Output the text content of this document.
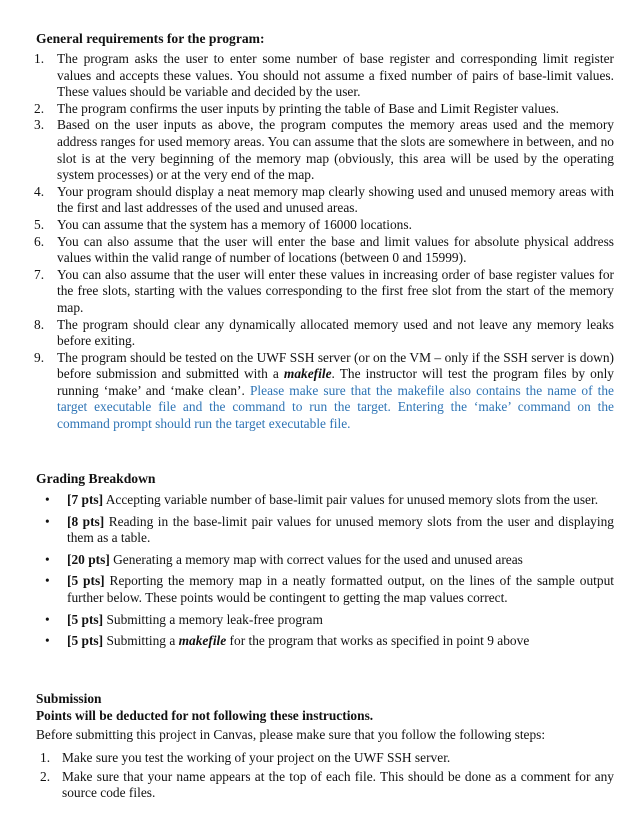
General requirements for the program:
1. The program asks the user to enter some number of base register and corresponding limit register values and accepts these values. You should not assume a fixed number of pairs of base-limit values. These values should be variable and decided by the user.
2. The program confirms the user inputs by printing the table of Base and Limit Register values.
3. Based on the user inputs as above, the program computes the memory areas used and the memory address ranges for used memory areas. You can assume that the slots are somewhere in between, and no slot is at the very beginning of the memory map (obviously, this area will be used by the operating system processes) or at the very end of the map.
4. Your program should display a neat memory map clearly showing used and unused memory areas with the first and last addresses of the used and unused areas.
5. You can assume that the system has a memory of 16000 locations.
6. You can also assume that the user will enter the base and limit values for absolute physical address values within the valid range of number of locations (between 0 and 15999).
7. You can also assume that the user will enter these values in increasing order of base register values for the free slots, starting with the values corresponding to the first free slot from the start of the memory map.
8. The program should clear any dynamically allocated memory used and not leave any memory leaks before exiting.
9. The program should be tested on the UWF SSH server (or on the VM – only if the SSH server is down) before submission and submitted with a makefile. The instructor will test the program files by only running ‘make’ and ‘make clean’. Please make sure that the makefile also contains the name of the target executable file and the command to run the target. Entering the ‘make’ command on the command prompt should run the target executable file.
Grading Breakdown
• [7 pts] Accepting variable number of base-limit pair values for unused memory slots from the user.
• [8 pts] Reading in the base-limit pair values for unused memory slots from the user and displaying them as a table.
• [20 pts] Generating a memory map with correct values for the used and unused areas
• [5 pts] Reporting the memory map in a neatly formatted output, on the lines of the sample output further below. These points would be contingent to getting the map values correct.
• [5 pts] Submitting a memory leak-free program
• [5 pts] Submitting a makefile for the program that works as specified in point 9 above
Submission
Points will be deducted for not following these instructions.
Before submitting this project in Canvas, please make sure that you follow the following steps:
1. Make sure you test the working of your project on the UWF SSH server.
2. Make sure that your name appears at the top of each file. This should be done as a comment for any source code files.
